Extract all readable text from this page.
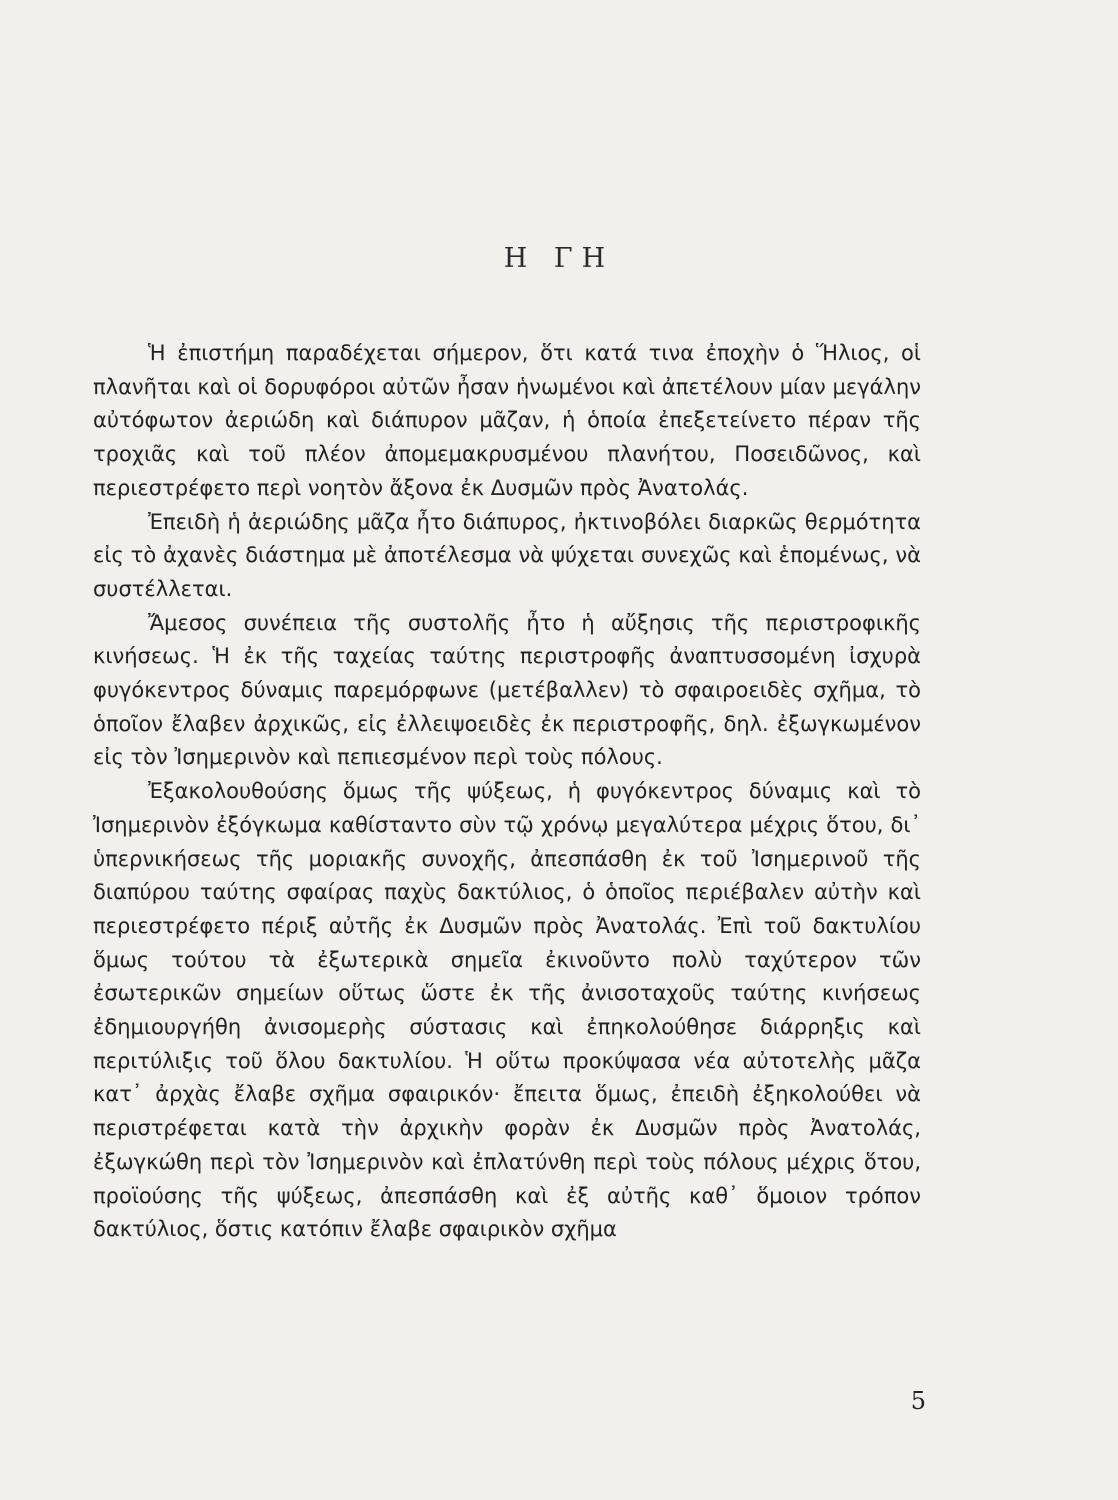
Η ΓΗ

Ἡ ἐπιστήμη παραδέχεται σήμερον, ὅτι κατά τινα ἐποχὴν ὁ Ἥλιος, οἱ πλανῆται καὶ οἱ δορυφόροι αὐτῶν ἦσαν ἡνωμένοι καὶ ἀπετέλουν μίαν μεγάλην αὐτόφωτον ἀεριώδη καὶ διάπυρον μᾶζαν, ἡ ὁποία ἐπεξετείνετο πέραν τῆς τροχιᾶς καὶ τοῦ πλέον ἀπομεμακρυσμένου πλανήτου, Ποσειδῶνος, καὶ περιεστρέφετο περὶ νοητὸν ἄξονα ἐκ Δυσμῶν πρὸς Ἀνατολάς.

Ἐπειδὴ ἡ ἀεριώδης μᾶζα ἦτο διάπυρος, ἠκτινοβόλει διαρκῶς θερμότητα εἰς τὸ ἀχανὲς διάστημα μὲ ἀποτέλεσμα νὰ ψύχεται συνεχῶς καὶ ἑπομένως, νὰ συστέλλεται.

Ἄμεσος συνέπεια τῆς συστολῆς ἦτο ἡ αὔξησις τῆς περιστροφικῆς κινήσεως. Ἡ ἐκ τῆς ταχείας ταύτης περιστροφῆς ἀναπτυσσομένη ἰσχυρὰ φυγόκεντρος δύναμις παρεμόρφωνε (μετέβαλλεν) τὸ σφαιροειδὲς σχῆμα, τὸ ὁποῖον ἔλαβεν ἀρχικῶς, εἰς ἐλλειψοειδὲς ἐκ περιστροφῆς, δηλ. ἐξωγκωμένον εἰς τὸν Ἰσημερινὸν καὶ πεπιεσμένον περὶ τοὺς πόλους.

Ἐξακολουθούσης ὅμως τῆς ψύξεως, ἡ φυγόκεντρος δύναμις καὶ τὸ Ἰσημερινὸν ἐξόγκωμα καθίσταντο σὺν τῷ χρόνῳ μεγαλύτερα μέχρις ὅτου, δι᾿ ὑπερνικήσεως τῆς μοριακῆς συνοχῆς, ἀπεσπάσθη ἐκ τοῦ Ἰσημερινοῦ τῆς διαπύρου ταύτης σφαίρας παχὺς δακτύλιος, ὁ ὁποῖος περιέβαλεν αὐτὴν καὶ περιεστρέφετο πέριξ αὐτῆς ἐκ Δυσμῶν πρὸς Ἀνατολάς. Ἐπὶ τοῦ δακτυλίου ὅμως τούτου τὰ ἐξωτερικὰ σημεῖα ἐκινοῦντο πολὺ ταχύτερον τῶν ἐσωτερικῶν σημείων οὕτως ὥστε ἐκ τῆς ἀνισοταχοῦς ταύτης κινήσεως ἐδημιουργήθη ἀνισομερὴς σύστασις καὶ ἐπηκολούθησε διάρρηξις καὶ περιτύλιξις τοῦ ὅλου δακτυλίου. Ἡ οὕτω προκύψασα νέα αὐτοτελὴς μᾶζα κατ᾿ ἀρχὰς ἔλαβε σχῆμα σφαιρικόν· ἔπειτα ὅμως, ἐπειδὴ ἐξηκολούθει νὰ περιστρέφεται κατὰ τὴν ἀρχικὴν φορὰν ἐκ Δυσμῶν πρὸς Ἀνατολάς, ἐξωγκώθη περὶ τὸν Ἰσημερινὸν καὶ ἐπλατύνθη περὶ τοὺς πόλους μέχρις ὅτου, προϊούσης τῆς ψύξεως, ἀπεσπάσθη καὶ ἐξ αὐτῆς καθ᾿ ὅμοιον τρόπον δακτύλιος, ὅστις κατόπιν ἔλαβε σφαιρικὸν σχῆμα

5
